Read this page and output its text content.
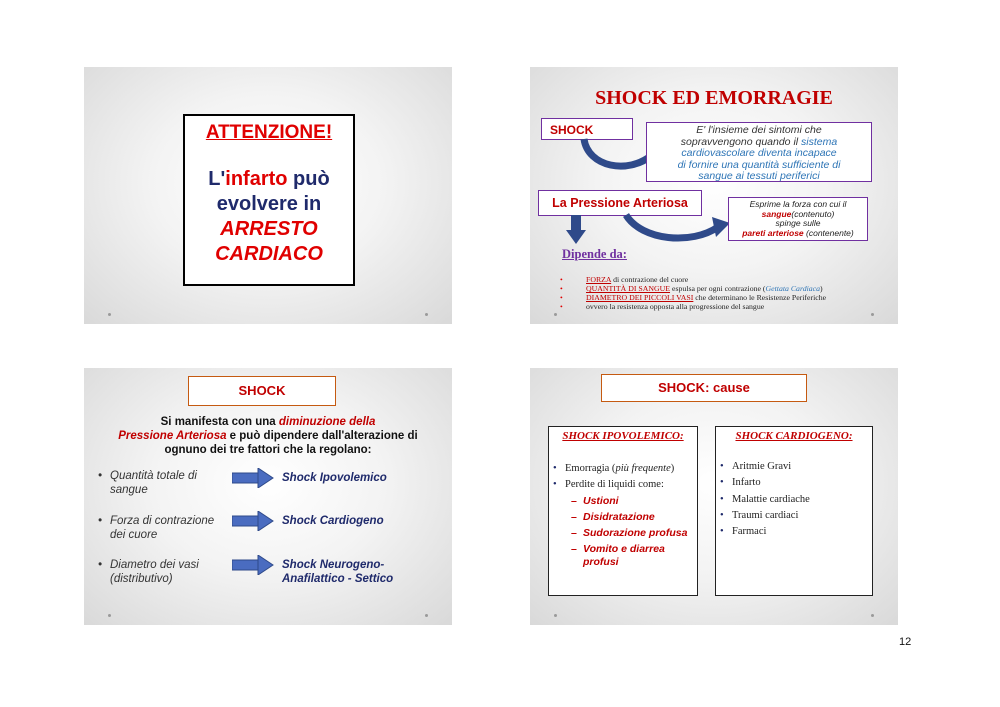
ATTENZIONE!
L'infarto può
evolvere in
ARRESTO
CARDIACO
SHOCK ED EMORRAGIE
SHOCK	E' l'insieme dei sintomi che
sopravvengono quando il sistema
cardiovascolare diventa incapace
di fornire una quantità sufficiente di
sangue ai tessuti periferici
La Pressione Arteriosa	Esprime la forza con cui il
sangue(contenuto)
spinge sulle
pareti arteriose (contenente)
Dipende da:
• FORZA di contrazione del cuore
• QUANTITÀ DI SANGUE espulsa per ogni contrazione (Gettata Cardiaca)
• DIAMETRO DEI PICCOLI VASI che determinano le Resistenze Periferiche
• ovvero la resistenza opposta alla progressione del sangue
SHOCK
Si manifesta con una diminuzione della
Pressione Arteriosa e può dipendere dall'alterazione di
ognuno dei tre fattori che la regolano:
• Quantità totale di sangue
Shock Ipovolemico
• Forza di contrazione dei cuore
Shock Cardiogeno
• Diametro dei vasi (distributivo)
Shock Neurogeno-
Anafilattico - Settico
SHOCK: cause
SHOCK IPOVOLEMICO:
• Emorragia (più frequente)
• Perdite di liquidi come:
– Ustioni
– Disidratazione
– Sudorazione profusa
– Vomito e diarrea profusi
SHOCK CARDIOGENO:
• Aritmie Gravi
• Infarto
• Malattie cardiache
• Traumi cardiaci
• Farmaci
12
